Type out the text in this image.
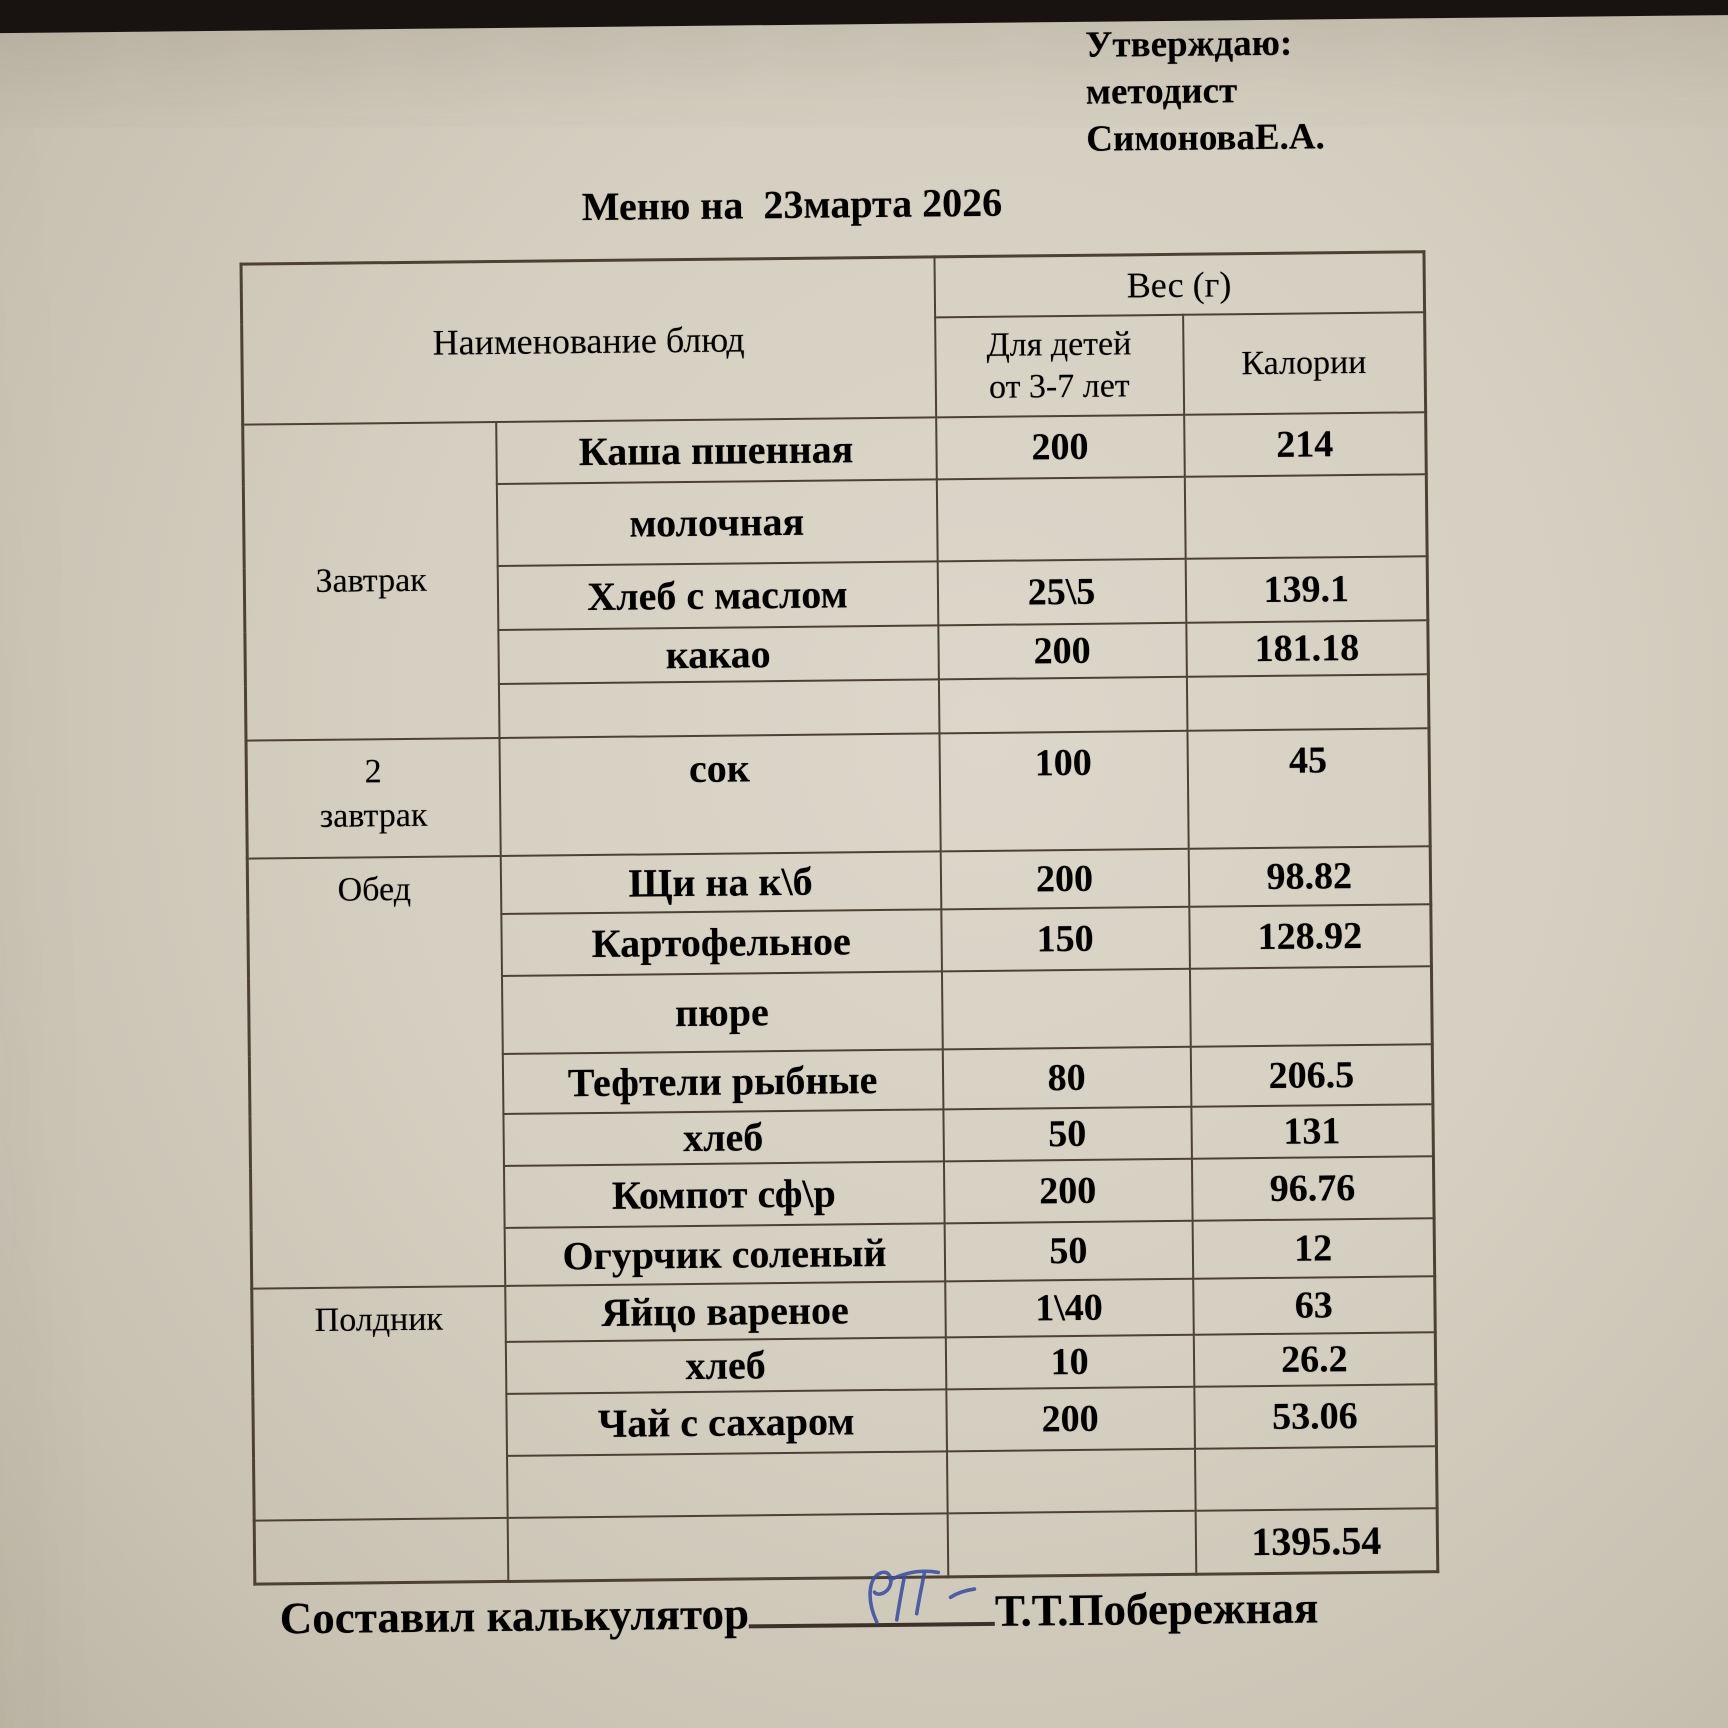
Утверждаю:
методист
СимоноваЕ.А.
Меню на  23марта 2026
Наименование блюд		Вес (г)	
		Для детей
от 3-7 лет	Калории
Завтрак	Каша пшенная	200	214
	молочная		
	Хлеб с маслом	25\5	139.1
	какао	200	181.18

2
завтрак	сок	100	45
Обед	Щи на к\б	200	98.82
	Картофельное	150	128.92
	пюре		
	Тефтели рыбные	80	206.5
	хлеб	50	131
	Компот сф\р	200	96.76
	Огурчик соленый	50	12
Полдник	Яйцо вареное	1\40	63
	хлеб	10	26.2
	Чай с сахаром	200	53.06

			1395.54
Составил калькулятор	Т.Т.Побережная
